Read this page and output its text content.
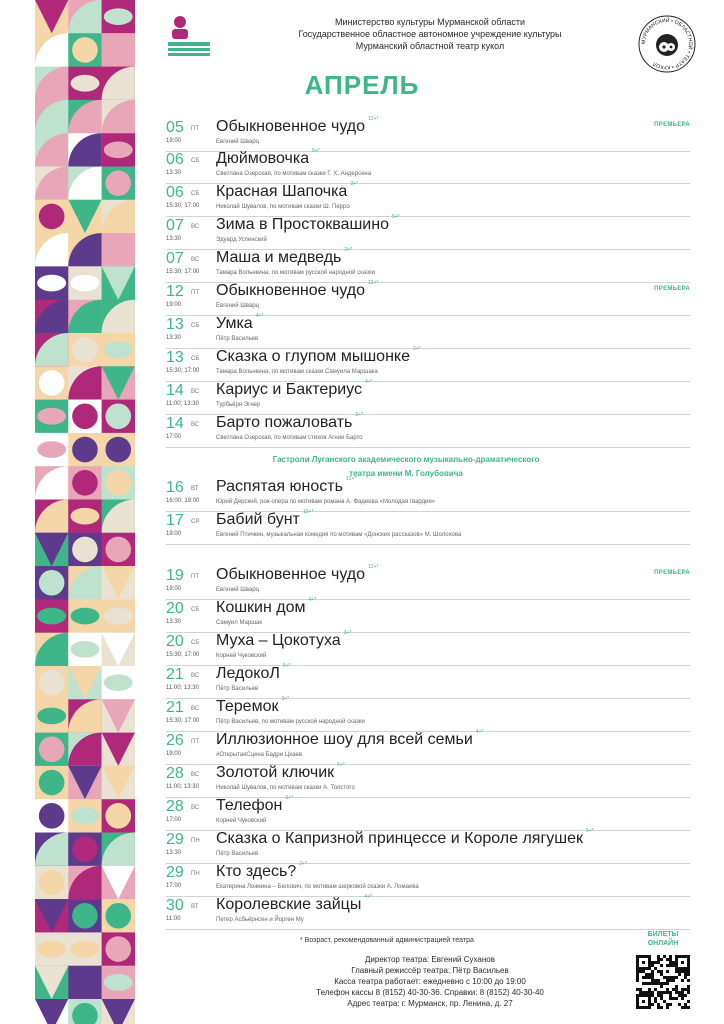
Министерство культуры Мурманской области
Государственное областное автономное учреждение культуры
Мурманский областной театр кукол	МУРМАНСКИЙ • ОБЛАСТНОЙ • ТЕАТР • КУКОЛ
АПРЕЛЬ
05 ПТ
19:00
Обыкновенное чудо $^{12+*}$
Евгений Шварц
ПРЕМЬЕРА
06 СБ
13:30
Дюймовочка $^{5+*}$
Светлана Озерская, по мотивам сказки Г. Х. Андерсена
06 СБ
15:30; 17:00
Красная Шапочка $^{3+*}$
Николай Шувалов, по мотивам сказки Ш. Перро
07 ВС
13:30
Зима в Простоквашино $^{5+*}$
Эдуард Успенский
07 ВС
15:30; 17:00
Маша и медведь $^{2+*}$
Тамара Вольнкина, по мотивам русской народной сказки
12 ПТ
19:00
Обыкновенное чудо $^{12+*}$
Евгений Шварц
ПРЕМЬЕРА
13 СБ
13:30
Умка $^{4+*}$
Пётр Васильев
13 СБ
15:30; 17:00
Сказка о глупом мышонке $^{2+*}$
Тамара Вольнкина, по мотивам сказки Самуила Маршака
14 ВС
11:00; 13:30
Кариус и Бактериус $^{4+*}$
Турбьёрн Эгнер
14 ВС
17:00
Барто пожаловать $^{3+*}$
Светлана Озерская, по мотивам стихов Агнии Барто
16 ВТ
16:00; 19:00
Распятая юность $^{12+*}$
Юрий Дерский, рок-опера по мотивам романа А. Фадеева «Молодая гвардия»
17 СР
19:00
Бабий бунт $^{12+*}$
Евгений Птичкин, музыкальная комедия по мотивам «Донских рассказов» М. Шолохова
19 ПТ
19:00
Обыкновенное чудо $^{12+*}$
Евгений Шварц
ПРЕМЬЕРА
20 СБ
13:30
Кошкин дом $^{4+*}$
Самуил Маршак
20 СБ
15:30; 17:00
Муха – Цокотуха $^{3+*}$
Корней Чуковский
21 ВС
11:00; 13:30
ЛедокоЛ $^{5+*}$
Пётр Васильев
21 ВС
15:30; 17:00
Теремок $^{3+*}$
Пётр Васильев, по мотивам русской народной сказки
26 ПТ
19:00
Иллюзионное шоу для всей семьи $^{4+*}$
#ОткрытаяСцена Бадри Цхаев
28 ВС
11:00; 13:30
Золотой ключик $^{5+*}$
Николай Шувалов, по мотивам сказки А. Толстого
28 ВС
17:00
Телефон $^{3+*}$
Корней Чуковский
29 ПН
13:30
Сказка о Капризной принцессе и Короле лягушек $^{5+*}$
Пётр Васильев
29 ПН
17:00
Кто здесь? $^{2+*}$
Екатерина Ложкина – Белович, по мотивам шерковой сказки А. Ломаева
30 ВТ
11:00
Королевские зайцы $^{4+*}$
Петер Асбьёрнсен и Йорген Му
Гастроли Луганского академического музыкально-драматического
театра имени М. Голубовича
* Возраст, рекомендованный администрацией театра
Директор театра: Евгений Суханов
Главный режиссёр театра: Пётр Васильев
Касса театра работает: ежедневно с 10:00 до 19:00
Телефон кассы 8 (8152) 40-30-36. Справки: 8 (8152) 40-30-40
Адрес театра: г. Мурманск, пр. Ленина, д. 27
БИЛЕТЫ
ОНЛАЙН
